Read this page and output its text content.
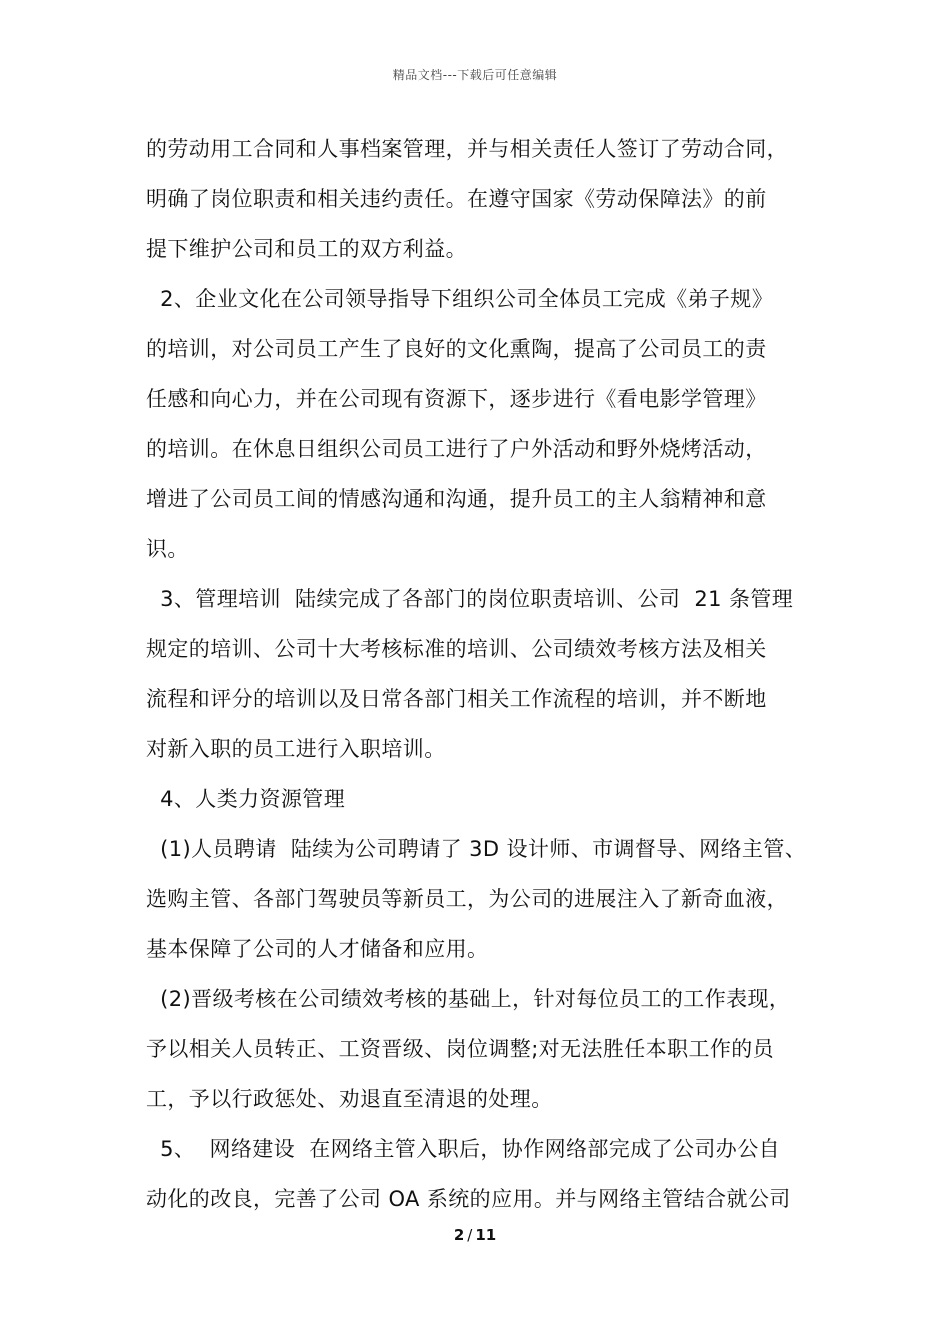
精品文档---下载后可任意编辑
的劳动用工合同和人事档案管理，并与相关责任人签订了劳动合同，
明确了岗位职责和相关违约责任。在遵守国家《劳动保障法》的前
提下维护公司和员工的双方利益。
2、企业文化在公司领导指导下组织公司全体员工完成《弟子规》
的培训，对公司员工产生了良好的文化熏陶，提高了公司员工的责
任感和向心力，并在公司现有资源下，逐步进行《看电影学管理》
的培训。在休息日组织公司员工进行了户外活动和野外烧烤活动，
增进了公司员工间的情感沟通和沟通，提升员工的主人翁精神和意
识。
3、管理培训  陆续完成了各部门的岗位职责培训、公司  21 条管理
规定的培训、公司十大考核标准的培训、公司绩效考核方法及相关
流程和评分的培训以及日常各部门相关工作流程的培训，并不断地
对新入职的员工进行入职培训。
4、人类力资源管理
(1)人员聘请  陆续为公司聘请了 3D 设计师、市调督导、网络主管、
选购主管、各部门驾驶员等新员工，为公司的进展注入了新奇血液，
基本保障了公司的人才储备和应用。
(2)晋级考核在公司绩效考核的基础上，针对每位员工的工作表现，
予以相关人员转正、工资晋级、岗位调整;对无法胜任本职工作的员
工，予以行政惩处、劝退直至清退的处理。
5、  网络建设  在网络主管入职后，协作网络部完成了公司办公自
动化的改良，完善了公司 OA 系统的应用。并与网络主管结合就公司
2 / 11
